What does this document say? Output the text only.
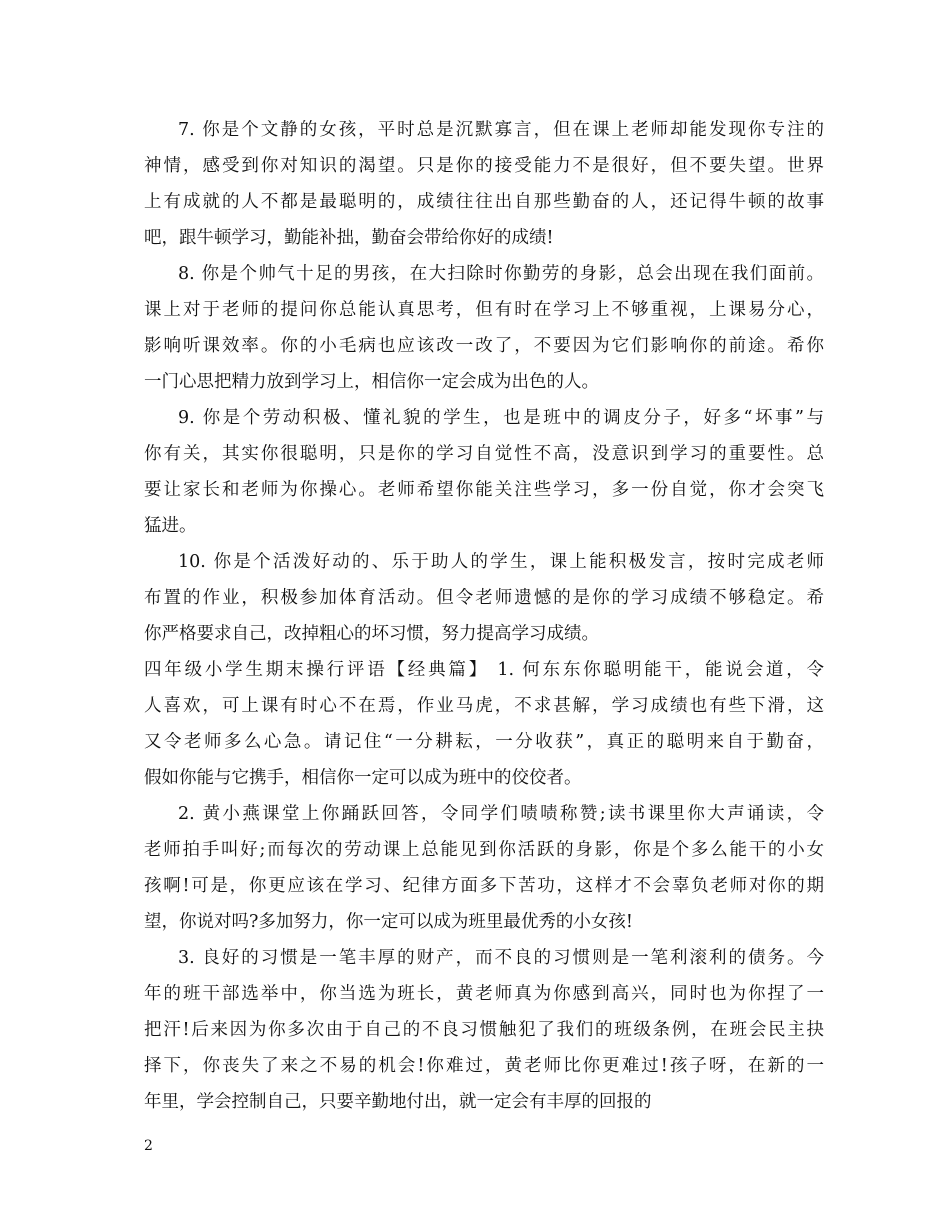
7. 你是个文静的女孩，平时总是沉默寡言，但在课上老师却能发现你专注的
神情，感受到你对知识的渴望。只是你的接受能力不是很好，但不要失望。世界
上有成就的人不都是最聪明的，成绩往往出自那些勤奋的人，还记得牛顿的故事
吧，跟牛顿学习，勤能补拙，勤奋会带给你好的成绩!
8. 你是个帅气十足的男孩，在大扫除时你勤劳的身影，总会出现在我们面前。
课上对于老师的提问你总能认真思考，但有时在学习上不够重视，上课易分心，
影响听课效率。你的小毛病也应该改一改了，不要因为它们影响你的前途。希你
一门心思把精力放到学习上，相信你一定会成为出色的人。
9. 你是个劳动积极、懂礼貌的学生，也是班中的调皮分子，好多“坏事”与
你有关，其实你很聪明，只是你的学习自觉性不高，没意识到学习的重要性。总
要让家长和老师为你操心。老师希望你能关注些学习，多一份自觉，你才会突飞
猛进。
10. 你是个活泼好动的、乐于助人的学生，课上能积极发言，按时完成老师
布置的作业，积极参加体育活动。但令老师遗憾的是你的学习成绩不够稳定。希
你严格要求自己，改掉粗心的坏习惯，努力提高学习成绩。
四年级小学生期末操行评语【经典篇】 1. 何东东你聪明能干，能说会道，令
人喜欢，可上课有时心不在焉，作业马虎，不求甚解，学习成绩也有些下滑，这
又令老师多么心急。请记住“一分耕耘，一分收获”，真正的聪明来自于勤奋，
假如你能与它携手，相信你一定可以成为班中的佼佼者。
2. 黄小燕课堂上你踊跃回答，令同学们啧啧称赞;读书课里你大声诵读，令
老师拍手叫好;而每次的劳动课上总能见到你活跃的身影，你是个多么能干的小女
孩啊!可是，你更应该在学习、纪律方面多下苦功，这样才不会辜负老师对你的期
望，你说对吗?多加努力，你一定可以成为班里最优秀的小女孩!
3. 良好的习惯是一笔丰厚的财产，而不良的习惯则是一笔利滚利的债务。今
年的班干部选举中，你当选为班长，黄老师真为你感到高兴，同时也为你捏了一
把汗!后来因为你多次由于自己的不良习惯触犯了我们的班级条例，在班会民主抉
择下，你丧失了来之不易的机会!你难过，黄老师比你更难过!孩子呀，在新的一
年里，学会控制自己，只要辛勤地付出，就一定会有丰厚的回报的
2
